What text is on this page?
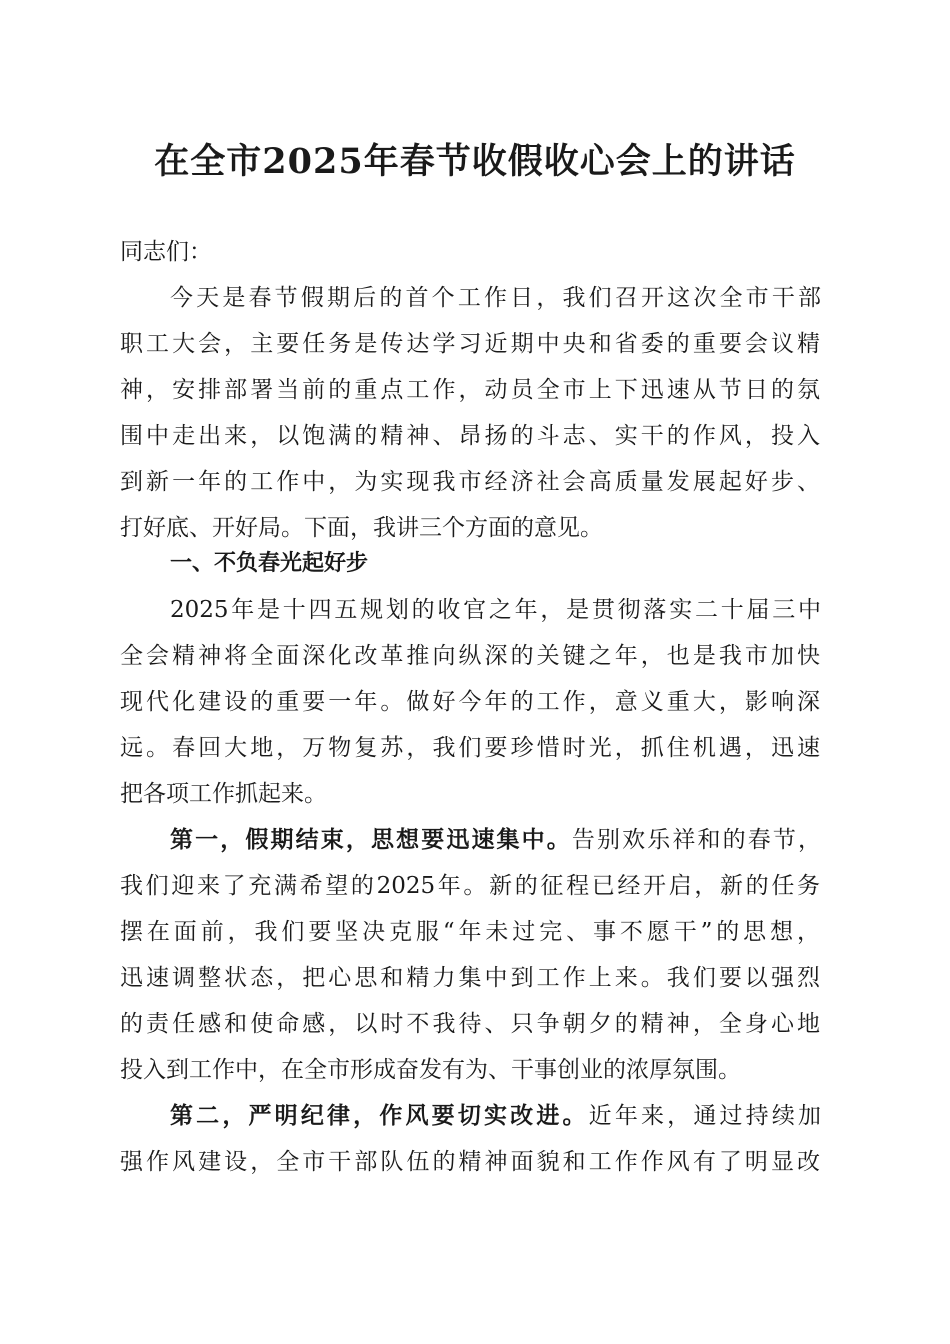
在全市2025年春节收假收心会上的讲话

同志们：

今天是春节假期后的首个工作日，我们召开这次全市干部

职工大会，主要任务是传达学习近期中央和省委的重要会议精

神，安排部署当前的重点工作，动员全市上下迅速从节日的氛

围中走出来，以饱满的精神、昂扬的斗志、实干的作风，投入

到新一年的工作中，为实现我市经济社会高质量发展起好步、

打好底、开好局。下面，我讲三个方面的意见。

一、不负春光起好步

2025年是十四五规划的收官之年，是贯彻落实二十届三中

全会精神将全面深化改革推向纵深的关键之年，也是我市加快

现代化建设的重要一年。做好今年的工作，意义重大，影响深

远。春回大地，万物复苏，我们要珍惜时光，抓住机遇，迅速

把各项工作抓起来。

第一，假期结束，思想要迅速集中。告别欢乐祥和的春节，

我们迎来了充满希望的2025年。新的征程已经开启，新的任务

摆在面前，我们要坚决克服“年未过完、事不愿干”的思想，

迅速调整状态，把心思和精力集中到工作上来。我们要以强烈

的责任感和使命感，以时不我待、只争朝夕的精神，全身心地

投入到工作中，在全市形成奋发有为、干事创业的浓厚氛围。

第二，严明纪律，作风要切实改进。近年来，通过持续加

强作风建设，全市干部队伍的精神面貌和工作作风有了明显改
